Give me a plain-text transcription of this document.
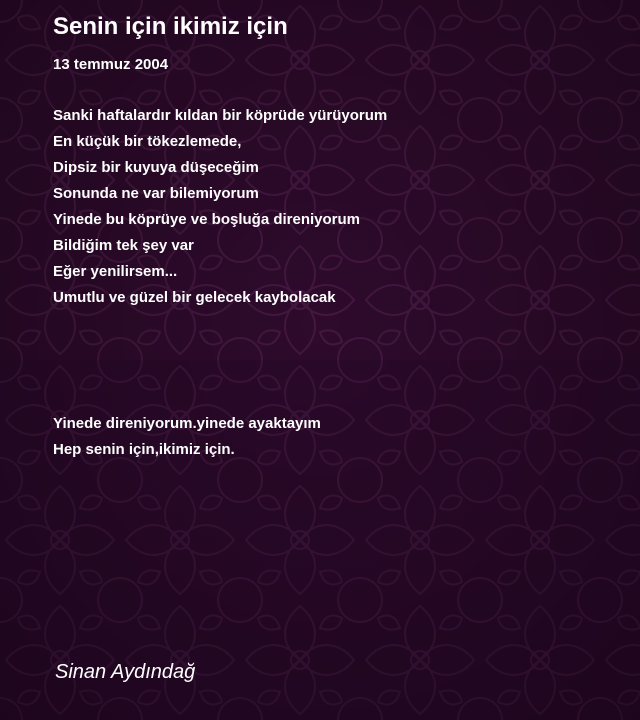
Senin için ikimiz için
13 temmuz 2004
Sanki haftalardır kıldan bir köprüde yürüyorum
En küçük bir tökezlemede,
Dipsiz bir kuyuya düşeceğim
Sonunda ne var bilemiyorum
Yinede bu köprüye ve boşluğa direniyorum
Bildiğim tek şey var
Eğer yenilirsem...
Umutlu ve güzel bir gelecek kaybolacak
Yinede direniyorum.yinede ayaktayım
Hep senin için,ikimiz için.
Sinan Aydındağ
